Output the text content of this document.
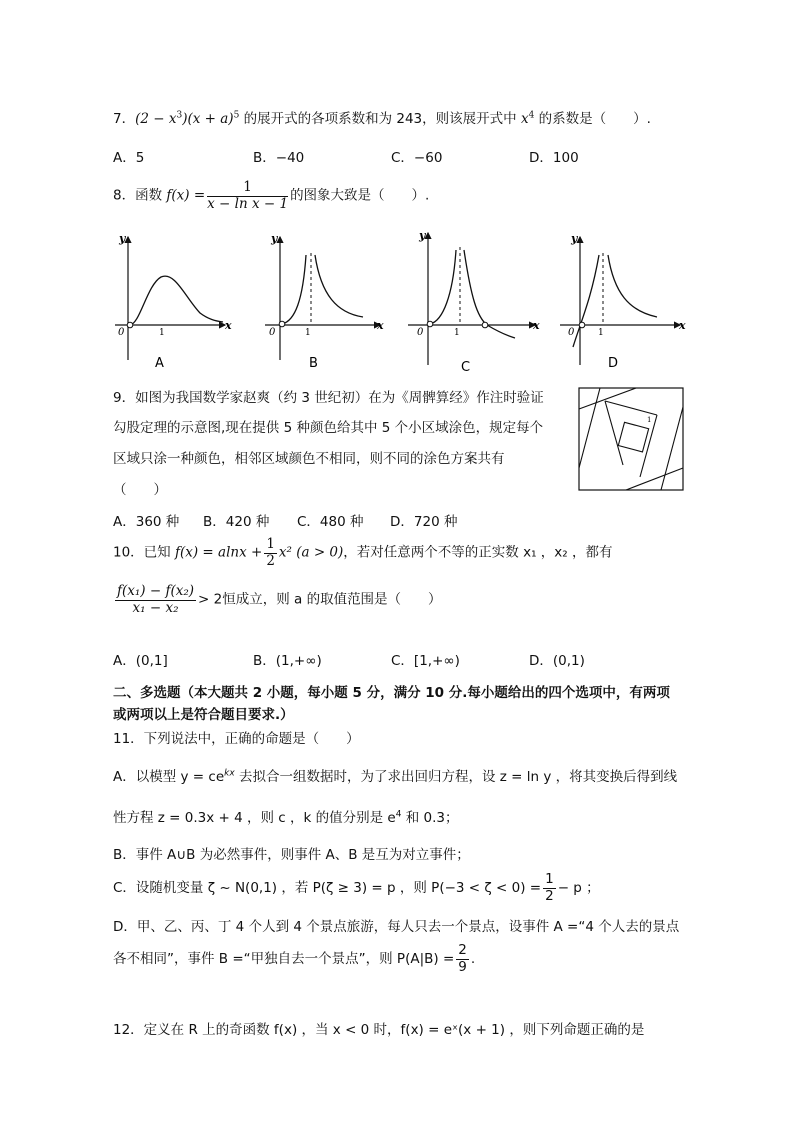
7．$(2 - x^3)(x + a)^5$ 的展开式的各项系数和为 243，则该展开式中 $x^4$ 的系数是（　　）.
A．5	B．−40	C．−60	D．100
8．函数 $f(x) = \frac{1}{\text{x − ln x − 1}}$ 的图象大致是（　　）.
y
x
0	1
A
y
x
0	1
B
y
x
0	1
C
y
x
0	1
D
9．如图为我国数学家赵爽（约 3 世纪初）在为《周髀算经》作注时验证
勾股定理的示意图,现在提供 5 种颜色给其中 5 个小区域涂色，规定每个
区域只涂一种颜色，相邻区域颜色不相同，则不同的涂色方案共有
（　　）
1
A．360 种 B．420 种 C．480 种 D．720 种
10．已知 $f(x) = alnx + \frac{1}{2} x^2$ (a > 0)，若对任意两个不等的正实数 x₁ ，x₂ ，都有
$\frac{\text{f(x₁) − f(x₂)}}{\text{x₁ − x₂}} > 2$恒成立，则 a 的取值范围是（　　）
A．(0,1]	B．(1,+∞)	C．[1,+∞)	D．(0,1)
二、多选题（本大题共 2 小题，每小题 5 分，满分 10 分.每小题给出的四个选项中，有两项
或两项以上是符合题目要求.）
11．下列说法中，正确的命题是（　　）
A．以模型 $y = ce^{kx}$ 去拟合一组数据时，为了求出回归方程，设 z = ln y ，将其变换后得到线
性方程 z = 0.3x + 4 ，则 c ，k 的值分别是 $e^4$ 和 0.3；
B．事件 A∪B 为必然事件，则事件 A、B 是互为对立事件；
C．设随机变量 ζ ~ N(0,1) ，若 P(ζ ≥ 3) = p ，则 $P(-3 < \zeta < 0) = \frac{1}{2} - p$ ；
D．甲、乙、丙、丁 4 个人到 4 个景点旅游，每人只去一个景点，设事件 A =“4 个人去的景点
各不相同”，事件 B =“甲独自去一个景点”，则 $P(A|B) = \frac{2}{9}$ .
12．定义在 R 上的奇函数 f(x) ，当 x < 0 时，f(x) = eˣ(x + 1) ，则下列命题正确的是
